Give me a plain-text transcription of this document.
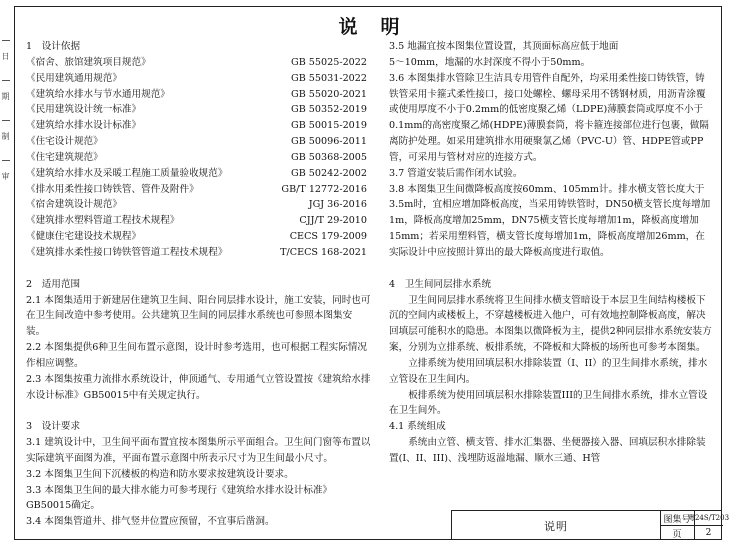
日
期
制
审
说　明

1　设计依据

《宿舍、旅馆建筑项目规范》	GB 55025-2022
《民用建筑通用规范》	GB 55031-2022
《建筑给水排水与节水通用规范》	GB 55020-2021
《民用建筑设计统一标准》	GB 50352-2019
《建筑给水排水设计标准》	GB 50015-2019
《住宅设计规范》	GB 50096-2011
《住宅建筑规范》	GB 50368-2005
《建筑给水排水及采暖工程施工质量验收规范》	GB 50242-2002
《排水用柔性接口铸铁管、管件及附件》	GB/T 12772-2016
《宿舍建筑设计规范》	JGJ 36-2016
《建筑排水塑料管道工程技术规程》	CJJ/T 29-2010
《健康住宅建设技术规程》	CECS 179-2009
《建筑排水柔性接口铸铁管管道工程技术规程》	T/CECS 168-2021

2　适用范围

2.1 本图集适用于新建居住建筑卫生间、阳台同层排水设计，施工安装，同时也可在卫生间改造中参考使用。公共建筑卫生间的同层排水系统也可参照本图集安装。

2.2 本图集提供6种卫生间布置示意图，设计时参考选用，也可根据工程实际情况作相应调整。

2.3 本图集按重力流排水系统设计，伸顶通气、专用通气立管设置按《建筑给水排水设计标准》GB50015中有关规定执行。

3　设计要求

3.1 建筑设计中，卫生间平面布置宜按本图集所示平面组合。卫生间门窗等布置以实际建筑平面图为准，平面布置示意图中所表示尺寸为卫生间最小尺寸。

3.2 本图集卫生间下沉楼板的构造和防水要求按建筑设计要求。

3.3 本图集卫生间的最大排水能力可参考现行《建筑给水排水设计标准》GB50015确定。

3.4 本图集管道井、排气竖井位置应预留，不宜事后凿洞。

3.5 地漏宜按本图集位置设置，其顶面标高应低于地面

5～10mm，地漏的水封深度不得小于50mm。

3.6 本图集排水管除卫生洁具专用管件自配外，均采用柔性接口铸铁管，铸铁管采用卡箍式柔性接口，接口处螺栓、螺母采用不锈钢材质，用沥青涂覆或使用厚度不小于0.2mm的低密度聚乙烯（LDPE)薄膜套筒或厚度不小于0.1mm的高密度聚乙烯(HDPE)薄膜套筒，将卡箍连接部位进行包裹，做隔离防护处理。如采用建筑排水用硬聚氯乙烯（PVC-U）管、HDPE管或PP管，可采用与管材对应的连接方式。

3.7 管道安装后需作闭水试验。

3.8 本图集卫生间微降板高度按60mm、105mm计。排水横支管长度大于3.5m时，宜相应增加降板高度，当采用铸铁管时，DN50横支管长度每增加1m，降板高度增加25mm，DN75横支管长度每增加1m，降板高度增加15mm；若采用塑料管，横支管长度每增加1m，降板高度增加26mm，在实际设计中应按照计算出的最大降板高度进行取值。

4　卫生间同层排水系统

卫生间同层排水系统将卫生间排水横支管暗设于本层卫生间结构楼板下沉的空间内或楼板上，不穿越楼板进入他户，可有效地控制降板高度，解决回填层可能积水的隐患。本图集以微降板为主，提供2种同层排水系统安装方案，分别为立排系统、板排系统，不降板和大降板的场所也可参考本图集。

立排系统为使用回填层积水排除装置（I、II）的卫生间排水系统，排水立管设在卫生间内。

板排系统为使用回填层积水排除装置III的卫生间排水系统，排水立管设在卫生间外。

4.1 系统组成

系统由立管、横支管、排水汇集器、坐便器接入器、回填层积水排除装置(I、II、III)、浅埋防返溢地漏、顺水三通、H管

说明	图集号
粤24S/T203
页	2
